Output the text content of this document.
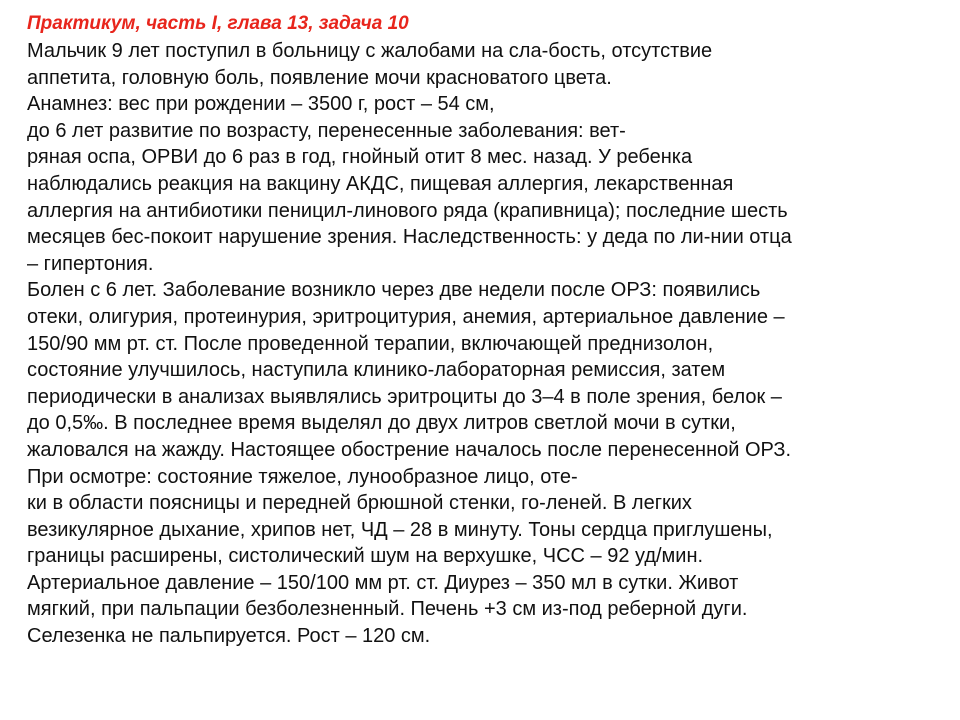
Практикум, часть I, глава 13, задача 10
Мальчик 9 лет поступил в больницу с жалобами на сла-бость, отсутствие
аппетита, головную боль, появление мочи красноватого цвета.
Анамнез: вес при рождении – 3500 г, рост – 54 см,
до 6 лет развитие по возрасту, перенесенные заболевания: вет-
ряная оспа, ОРВИ до 6 раз в год, гнойный отит 8 мес. назад. У ребенка
наблюдались реакция на вакцину АКДС, пищевая аллергия, лекарственная
аллергия на антибиотики пеницил-линового ряда (крапивница); последние шесть
месяцев бес-покоит нарушение зрения. Наследственность: у деда по ли-нии отца
– гипертония.
Болен с 6 лет. Заболевание возникло через две недели после ОРЗ: появились
отеки, олигурия, протеинурия, эритроцитурия, анемия, артериальное давление –
150/90 мм рт. ст. После проведенной терапии, включающей преднизолон,
состояние улучшилось, наступила клинико-лабораторная ремиссия, затем
периодически в анализах выявлялись эритроциты до 3–4 в поле зрения, белок –
до 0,5‰. В последнее время выделял до двух литров светлой мочи в сутки,
жаловался на жажду. Настоящее обострение началось после перенесенной ОРЗ.
При осмотре: состояние тяжелое, лунообразное лицо, оте-
ки в области поясницы и передней брюшной стенки, го-леней. В легких
везикулярное дыхание, хрипов нет, ЧД – 28 в минуту. Тоны сердца приглушены,
границы расширены, систолический шум на верхушке, ЧСС – 92 уд/мин.
Артериальное давление – 150/100 мм рт. ст. Диурез – 350 мл в сутки. Живот
мягкий, при пальпации безболезненный. Печень +3 см из-под реберной дуги.
Селезенка не пальпируется. Рост – 120 см.
